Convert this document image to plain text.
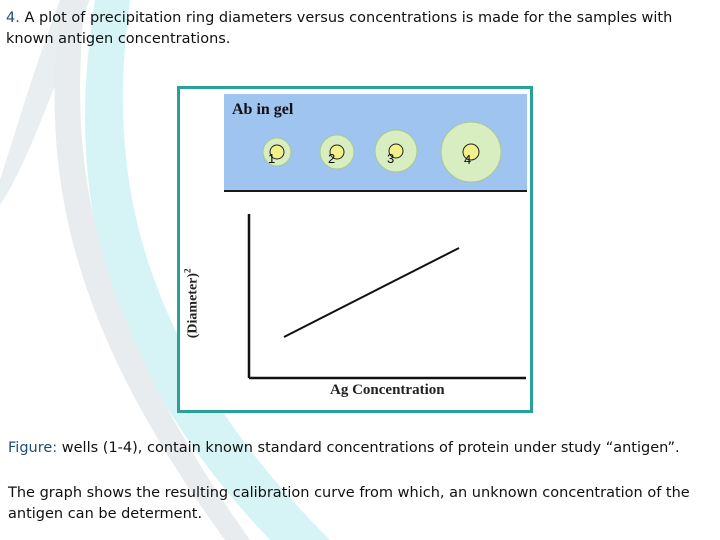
4. A plot of precipitation ring diameters versus concentrations is made for the samples with known antigen concentrations.
Ab in gel
1	2	3	4
(Diameter)$^2$
Ag Concentration
Figure: wells (1-4), contain known standard concentrations of protein under study “antigen”.
The graph shows the resulting calibration curve from which, an unknown concentration of the antigen can be determent.
